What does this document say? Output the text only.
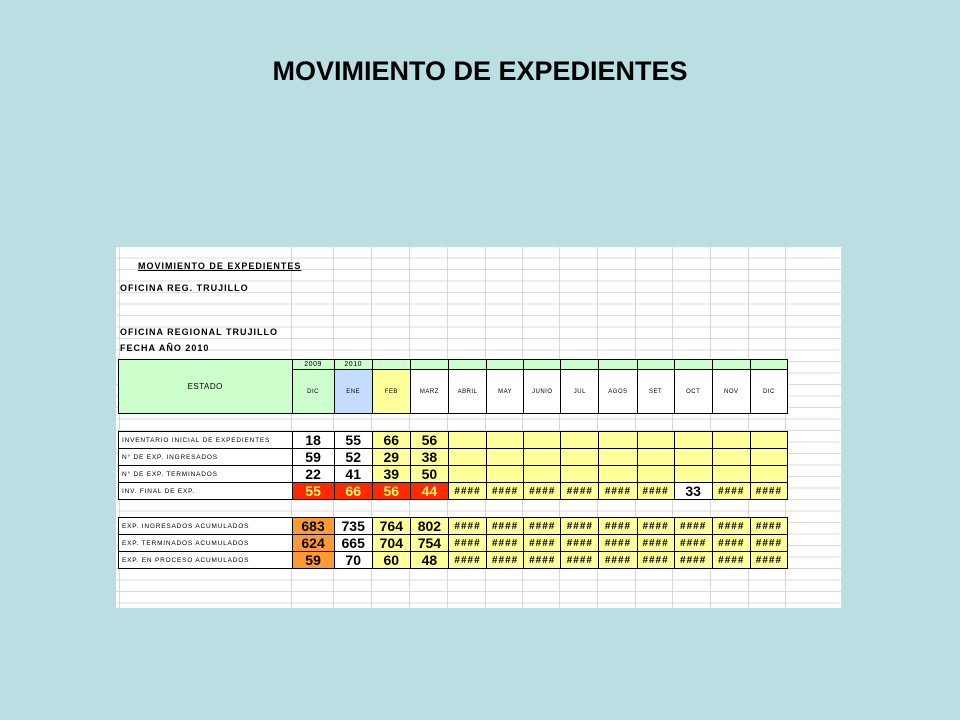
MOVIMIENTO DE EXPEDIENTES
MOVIMIENTO DE EXPEDIENTES
OFICINA REG. TRUJILLO
OFICINA REGIONAL TRUJILLO
FECHA AÑO 2010
ESTADO	2009	2010											
	DIC	ENE	FEB	MARZ	ABRIL	MAY	JUNIO	JUL	AGOS	SET	OCT	NOV	DIC
INVENTARIO INICIAL DE EXPEDIENTES	18	55	66	56									
N° DE EXP. INGRESADOS	59	52	29	38									
N° DE EXP. TERMINADOS	22	41	39	50									
INV. FINAL DE EXP.	55	66	56	44	####	####	####	####	####	####	33	####	####
EXP. INGRESADOS ACUMULADOS	683	735	764	802	####	####	####	####	####	####	####	####	####
EXP. TERMINADOS ACUMULADOS	624	665	704	754	####	####	####	####	####	####	####	####	####
EXP. EN PROCESO ACUMULADOS	59	70	60	48	####	####	####	####	####	####	####	####	####
